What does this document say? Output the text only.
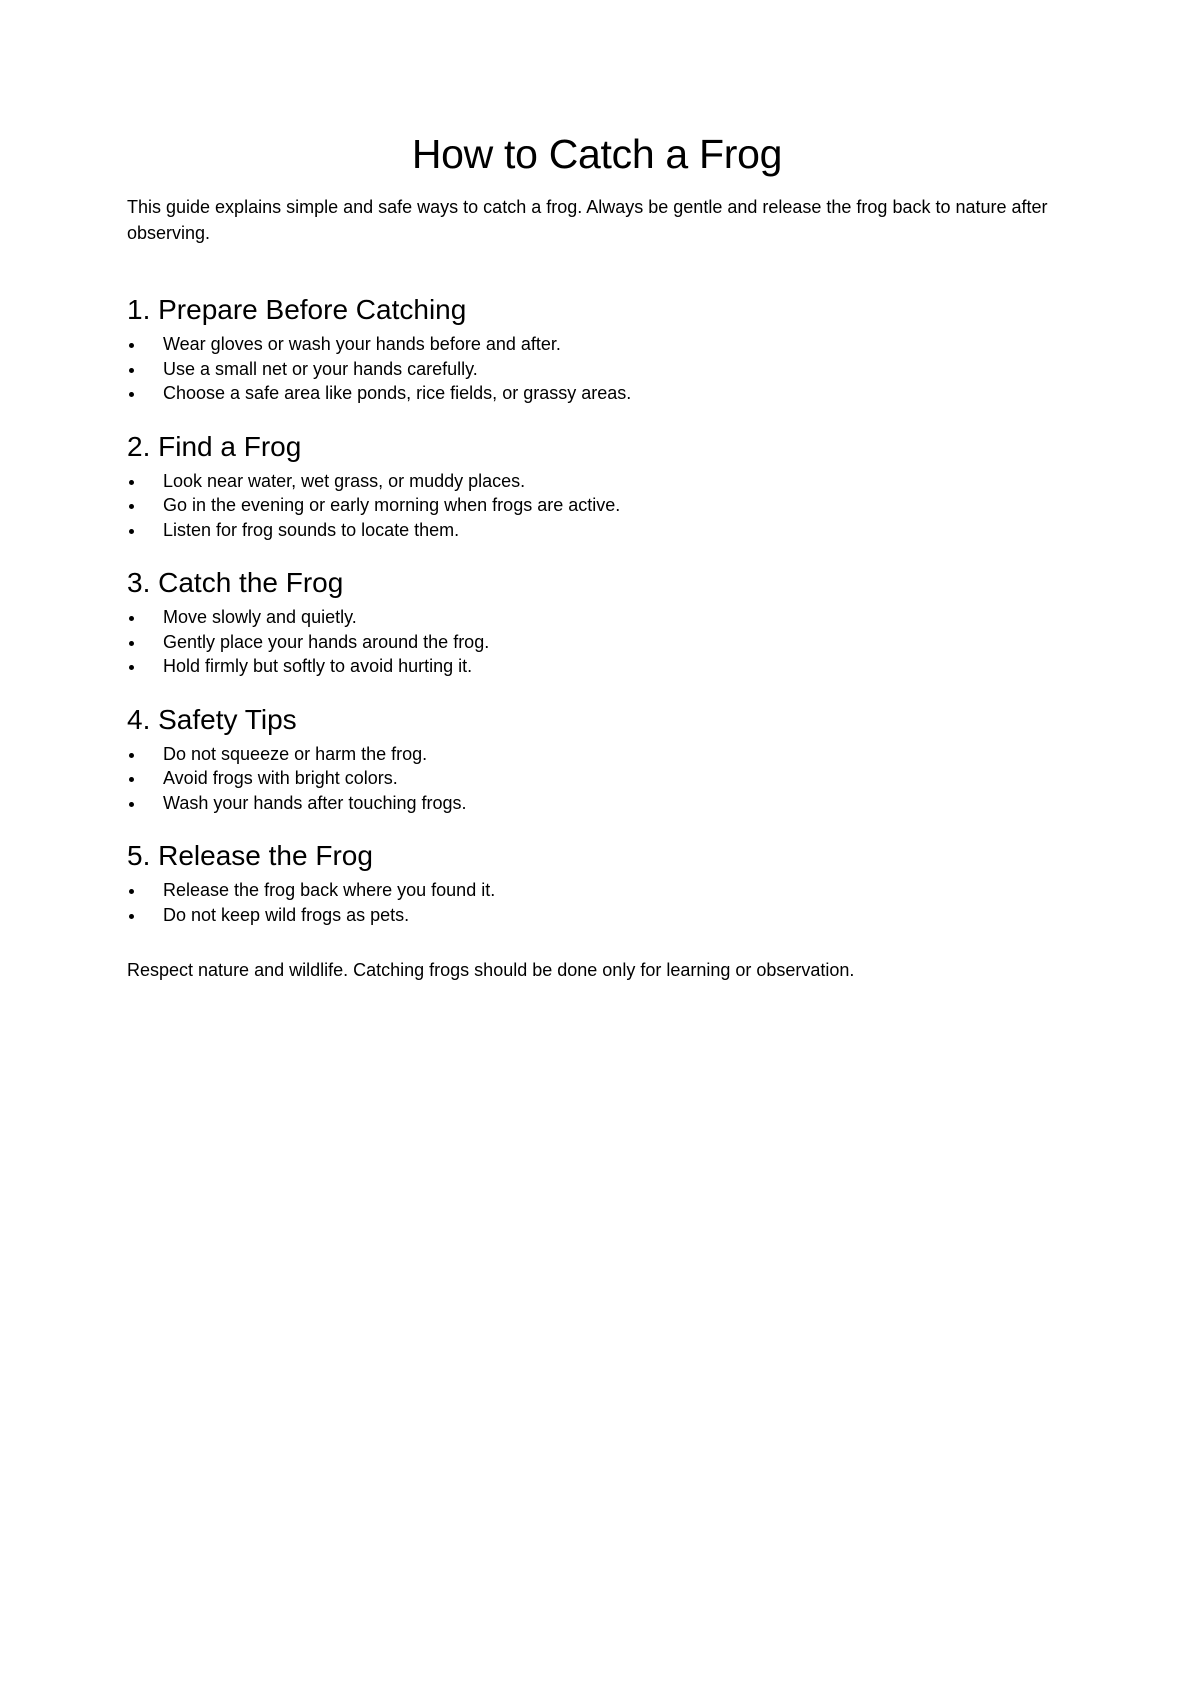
How to Catch a Frog

This guide explains simple and safe ways to catch a frog. Always be gentle and release the frog back to nature after observing.

1. Prepare Before Catching
Wear gloves or wash your hands before and after.
Use a small net or your hands carefully.
Choose a safe area like ponds, rice fields, or grassy areas.
2. Find a Frog
Look near water, wet grass, or muddy places.
Go in the evening or early morning when frogs are active.
Listen for frog sounds to locate them.
3. Catch the Frog
Move slowly and quietly.
Gently place your hands around the frog.
Hold firmly but softly to avoid hurting it.
4. Safety Tips
Do not squeeze or harm the frog.
Avoid frogs with bright colors.
Wash your hands after touching frogs.
5. Release the Frog
Release the frog back where you found it.
Do not keep wild frogs as pets.

Respect nature and wildlife. Catching frogs should be done only for learning or observation.
